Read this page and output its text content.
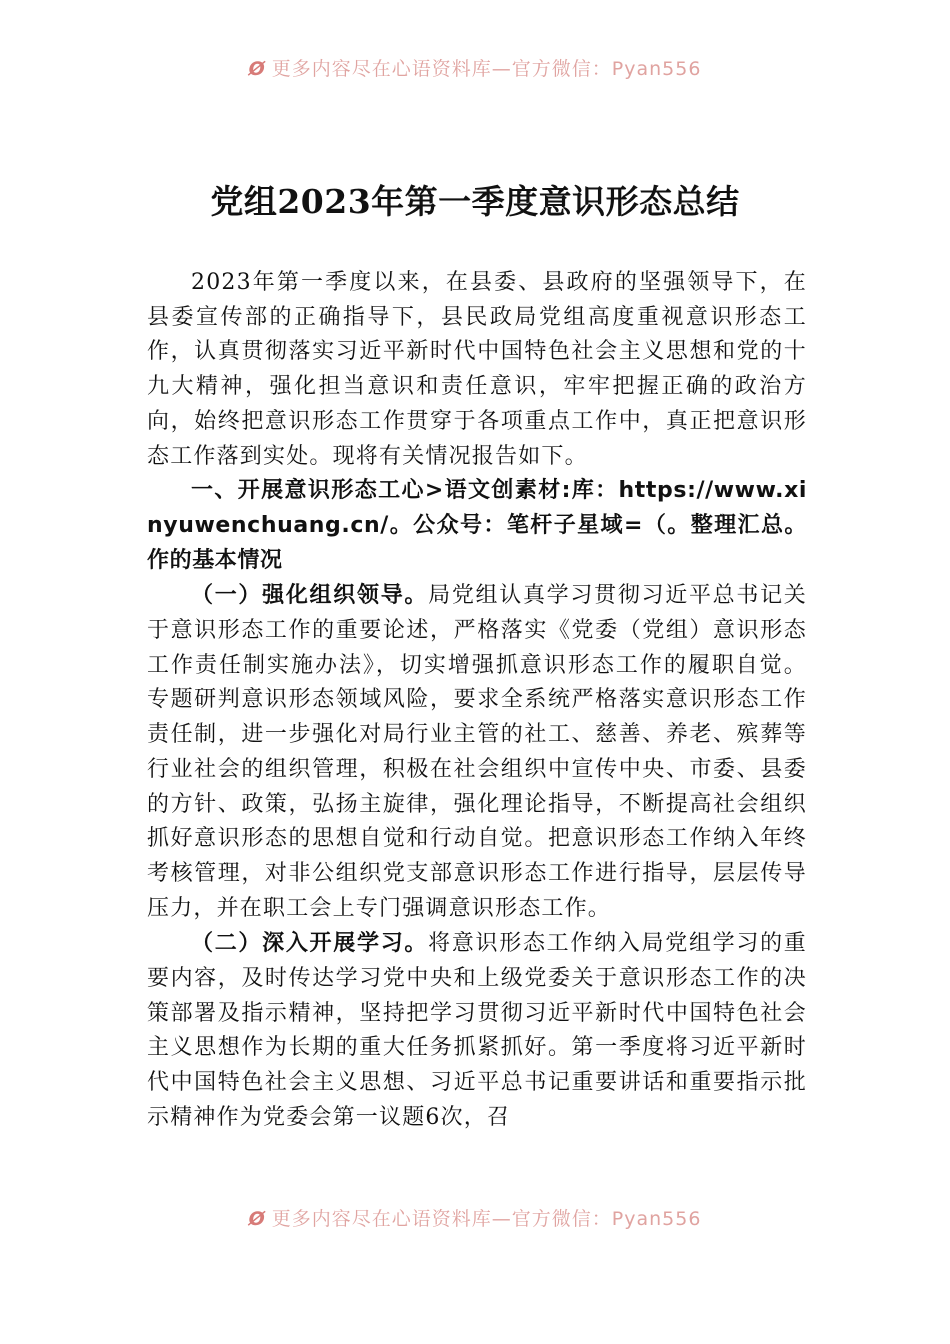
Ø 更多内容尽在心语资料库—官方微信：Pyan556
党组2023年第一季度意识形态总结

2023年第一季度以来，在县委、县政府的坚强领导下，在县委宣传部的正确指导下，县民政局党组高度重视意识形态工作，认真贯彻落实习近平新时代中国特色社会主义思想和党的十九大精神，强化担当意识和责任意识，牢牢把握正确的政治方向，始终把意识形态工作贯穿于各项重点工作中，真正把意识形态工作落到实处。现将有关情况报告如下。

一、开展意识形态工心>语文创素材:库：https://www.xinyuwenchuang.cn/。公众号：笔杆子星域=（。整理汇总。作的基本情况

（一）强化组织领导。局党组认真学习贯彻习近平总书记关于意识形态工作的重要论述，严格落实《党委（党组）意识形态工作责任制实施办法》，切实增强抓意识形态工作的履职自觉。专题研判意识形态领域风险，要求全系统严格落实意识形态工作责任制，进一步强化对局行业主管的社工、慈善、养老、殡葬等行业社会的组织管理，积极在社会组织中宣传中央、市委、县委的方针、政策，弘扬主旋律，强化理论指导，不断提高社会组织抓好意识形态的思想自觉和行动自觉。把意识形态工作纳入年终考核管理，对非公组织党支部意识形态工作进行指导，层层传导压力，并在职工会上专门强调意识形态工作。

（二）深入开展学习。将意识形态工作纳入局党组学习的重要内容，及时传达学习党中央和上级党委关于意识形态工作的决策部署及指示精神，坚持把学习贯彻习近平新时代中国特色社会主义思想作为长期的重大任务抓紧抓好。第一季度将习近平新时代中国特色社会主义思想、习近平总书记重要讲话和重要指示批示精神作为党委会第一议题6次，召

Ø 更多内容尽在心语资料库—官方微信：Pyan556
